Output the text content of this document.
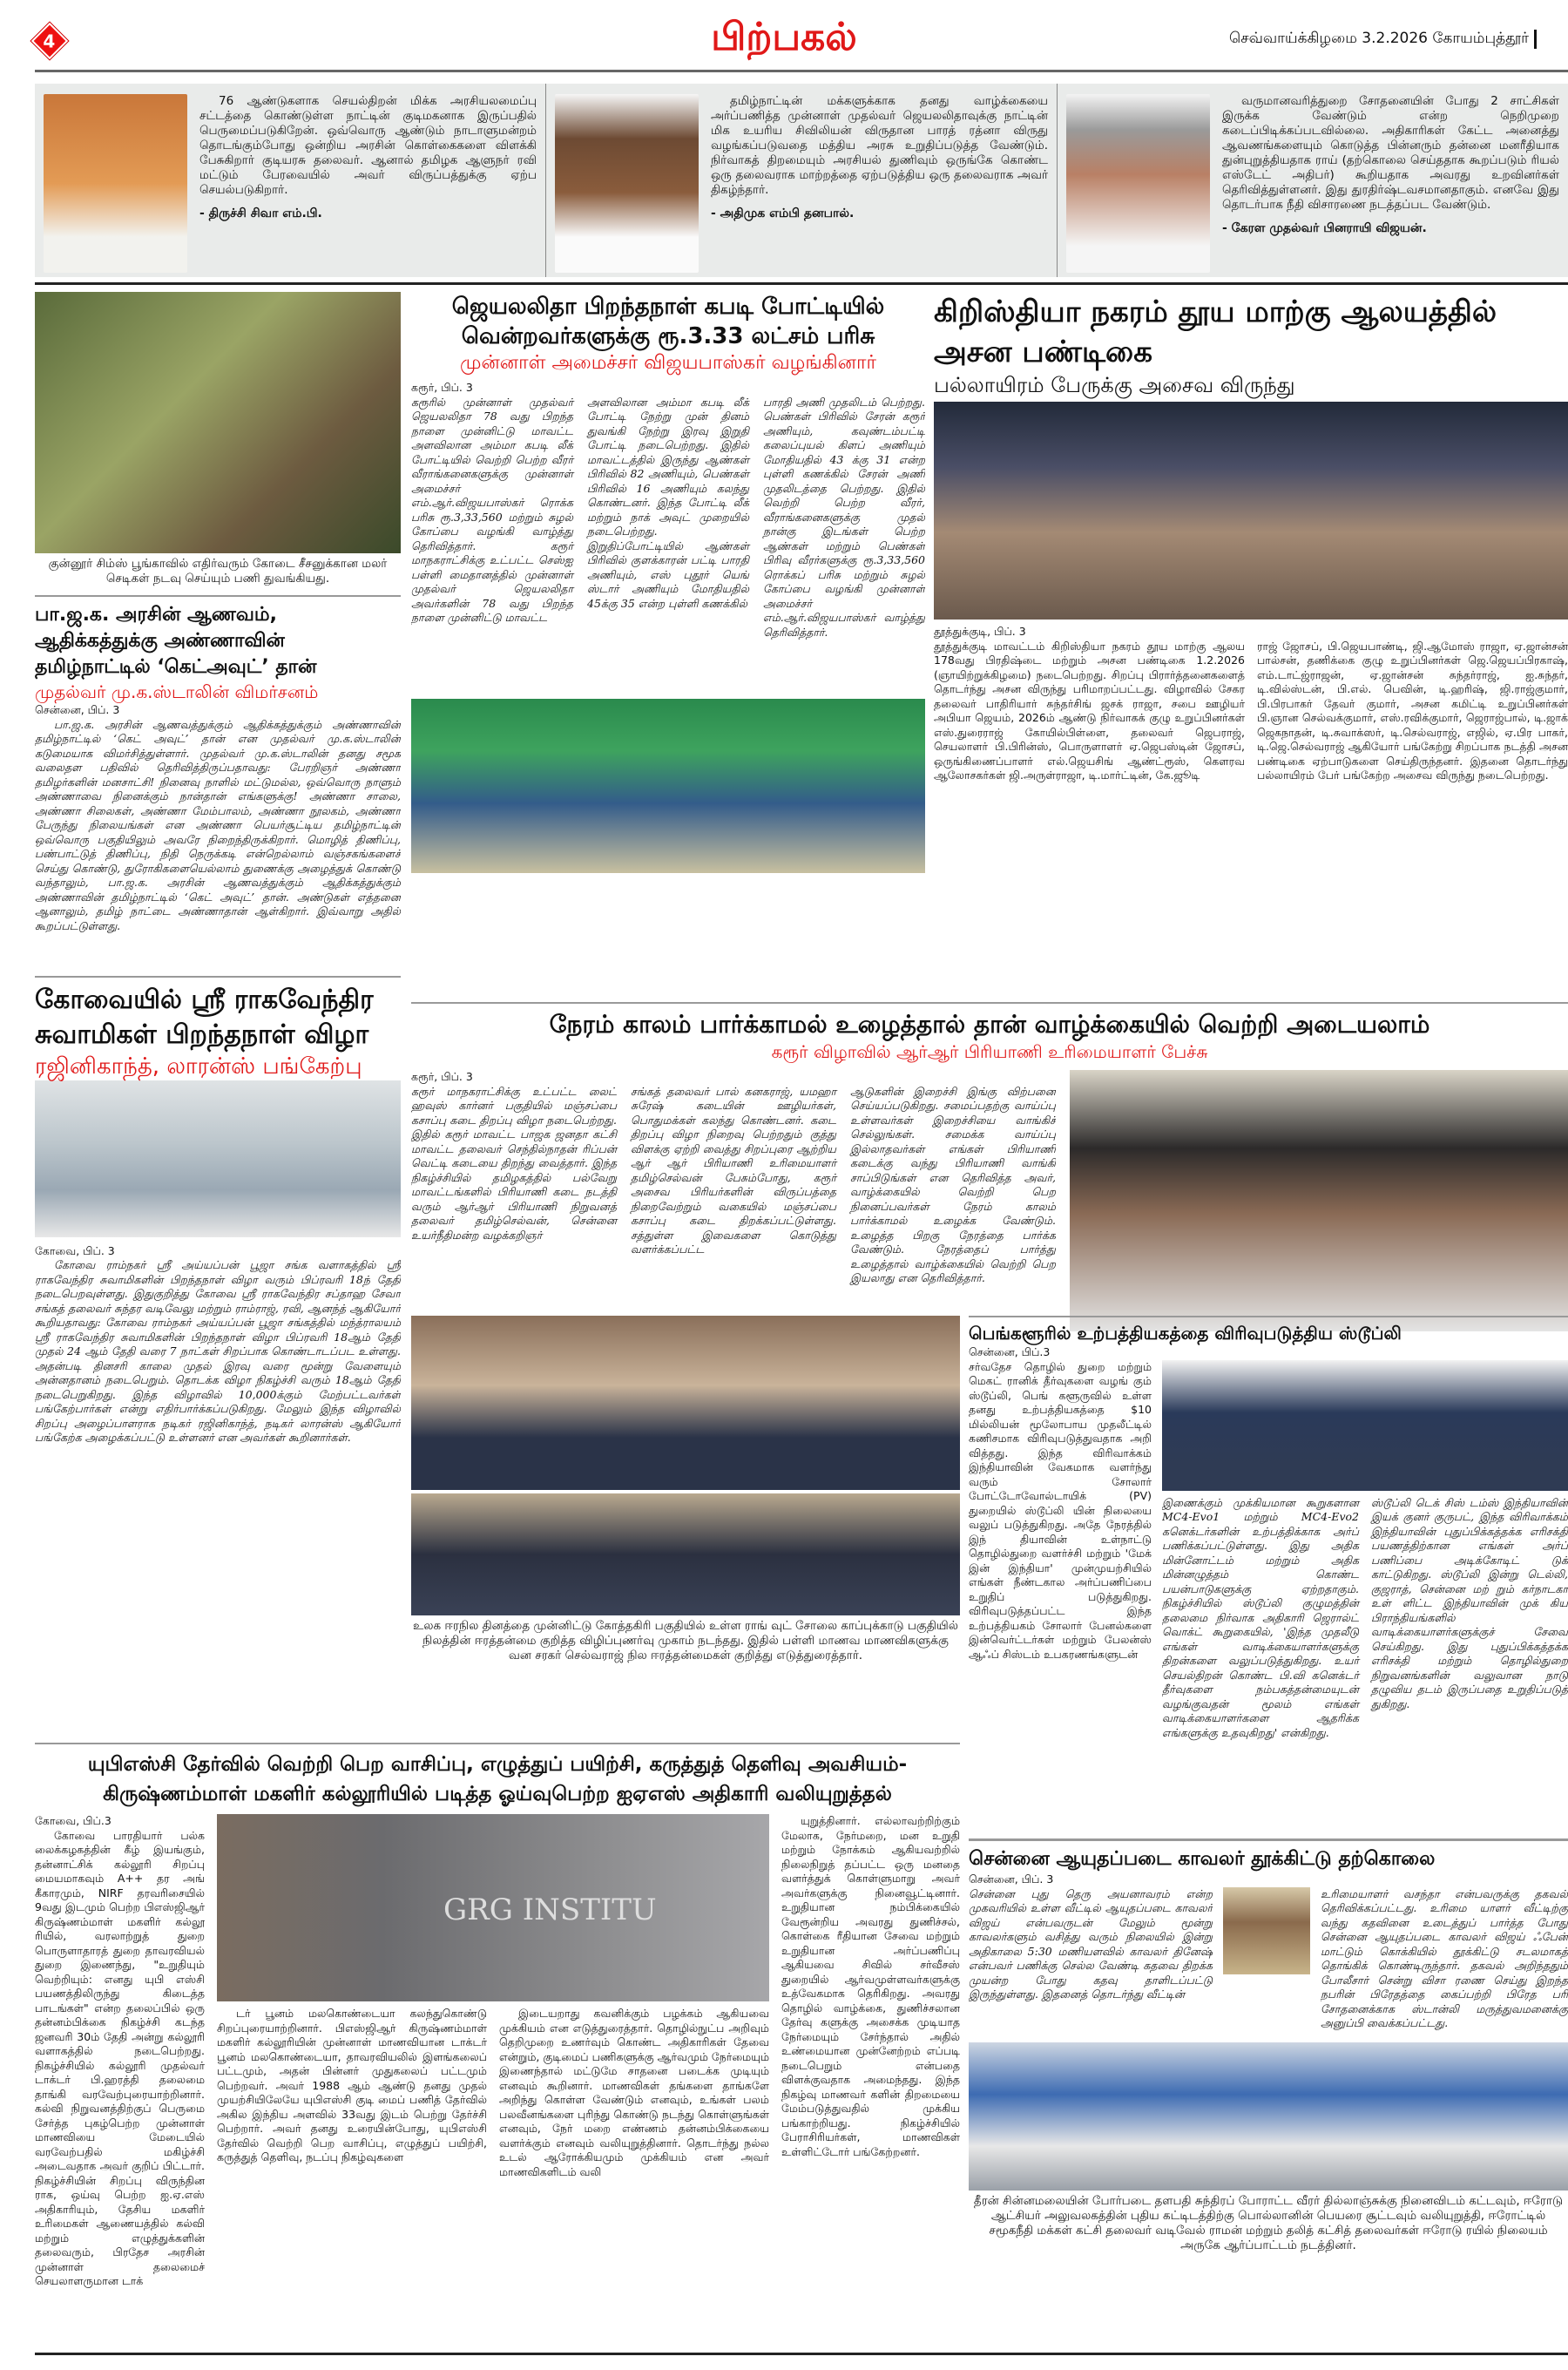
4	பிற்பகல்	செவ்வாய்க்கிழமை 3.2.2026 கோயம்புத்தூர்

76 ஆண்டுகளாக செயல்திறன் மிக்க அரசியலமைப்பு சட்டத்தை கொண்டுள்ள நாட்டின் குடிமகனாக இருப்பதில் பெருமைப்படுகிறேன். ஒவ்வொரு ஆண்டும் நாடாளுமன்றம் தொடங்கும்போது ஒன்றிய அரசின் கொள்கைகளை விளக்கி பேசுகிறார் குடியரசு தலைவர். ஆனால் தமிழக ஆளுநர் ரவி மட்டும் பேரவையில் அவர் விருப்பத்துக்கு ஏற்ப செயல்படுகிறார்.

- திருச்சி சிவா எம்.பி.

தமிழ்நாட்டின் மக்களுக்காக தனது வாழ்க்கையை அர்ப்பணித்த முன்னாள் முதல்வர் ஜெயலலிதாவுக்கு நாட்டின் மிக உயரிய சிவிலியன் விருதான பாரத் ரத்னா விருது வழங்கப்படுவதை மத்திய அரசு உறுதிப்படுத்த வேண்டும். நிர்வாகத் திறமையும் அரசியல் துணிவும் ஒருங்கே கொண்ட ஒரு தலைவராக மாற்றத்தை ஏற்படுத்திய ஒரு தலைவராக அவர் திகழ்ந்தார்.

- அதிமுக எம்பி தனபால்.

வருமானவரித்துறை சோதனையின் போது 2 சாட்சிகள் இருக்க வேண்டும் என்ற நெறிமுறை கடைப்பிடிக்கப்படவில்லை. அதிகாரிகள் கேட்ட அனைத்து ஆவணங்களையும் கொடுத்த பின்னரும் தன்னை மனரீதியாக துன்புறுத்தியதாக ராய் (தற்கொலை செய்ததாக கூறப்படும் ரியல் எஸ்டேட் அதிபர்) கூறியதாக அவரது உறவினர்கள் தெரிவித்துள்ளனர். இது துரதிர்ஷ்டவசமானதாகும். எனவே இது தொடர்பாக நீதி விசாரணை நடத்தப்பட வேண்டும்.

- கேரள முதல்வர் பினராயி விஜயன்.

குன்னூர் சிம்ஸ் பூங்காவில் எதிர்வரும் கோடை சீசனுக்கான மலர் செடிகள் நடவு செய்யும் பணி துவங்கியது.

பா.ஜ.க. அரசின் ஆணவம், ஆதிக்கத்துக்கு அண்ணாவின் தமிழ்நாட்டில் ‘கெட்அவுட்’ தான்
முதல்வர் மு.க.ஸ்டாலின் விமர்சனம்

சென்னை, பிப். 3

பா.ஜ.க. அரசின் ஆணவத்துக்கும் ஆதிக்கத்துக்கும் அண்ணாவின் தமிழ்நாட்டில் ‘கெட் அவுட்’ தான் என முதல்வர் மு.க.ஸ்டாலின் கடுமையாக விமர்சித்துள்ளார். முதல்வர் மு.க.ஸ்டாலின் தனது சமூக வலைதள பதிவில் தெரிவித்திருப்பதாவது: பேரறிஞர் அண்ணா தமிழர்களின் மனசாட்சி! நினைவு நாளில் மட்டுமல்ல, ஒவ்வொரு நாளும் அண்ணாவை நினைக்கும் நான்தான் எங்களுக்கு! அண்ணா சாலை, அண்ணா சிலைகள், அண்ணா மேம்பாலம், அண்ணா நூலகம், அண்ணா பேருந்து நிலையங்கள் என அண்ணா பெயர்சூட்டிய தமிழ்நாட்டின் ஒவ்வொரு பகுதியிலும் அவரே நிறைந்திருக்கிறார். மொழித் திணிப்பு, பண்பாட்டுத் திணிப்பு, நிதி நெருக்கடி என்றெல்லாம் வஞ்சகங்களைச் செய்து கொண்டு, துரோகிகளையெல்லாம் துணைக்கு அழைத்துக் கொண்டு வந்தாலும், பா.ஜ.க. அரசின் ஆணவத்துக்கும் ஆதிக்கத்துக்கும் அண்ணாவின் தமிழ்நாட்டில் ‘கெட் அவுட்’ தான். அண்டுகள் எத்தனை ஆனாலும், தமிழ் நாட்டை அண்ணாதான் ஆள்கிறார். இவ்வாறு அதில் கூறப்பட்டுள்ளது.

கோவையில் ஸ்ரீ ராகவேந்திர சுவாமிகள் பிறந்தநாள் விழா
ரஜினிகாந்த், லாரன்ஸ் பங்கேற்பு

கோவை, பிப். 3

கோவை ராம்நகர் ஸ்ரீ அய்யப்பன் பூஜா சங்க வளாகத்தில் ஸ்ரீ ராகவேந்திர சுவாமிகளின் பிறந்தநாள் விழா வரும் பிப்ரவரி 18ந் தேதி நடைபெறவுள்ளது. இதுகுறித்து கோவை ஸ்ரீ ராகவேந்திர சப்தாஹ சேவா சங்கத் தலைவர் சுந்தர வடிவேலு மற்றும் ராம்ராஜ், ரவி, ஆனந்த் ஆகியோர் கூறியதாவது: கோவை ராம்நகர் அய்யப்பன் பூஜா சங்கத்தில் மந்த்ராலயம் ஸ்ரீ ராகவேந்திர சுவாமிகளின் பிறந்தநாள் விழா பிப்ரவரி 18ஆம் தேதி முதல் 24 ஆம் தேதி வரை 7 நாட்கள் சிறப்பாக கொண்டாடப்பட உள்ளது. அதன்படி தினசரி காலை முதல் இரவு வரை மூன்று வேளையும் அன்னதானம் நடைபெறும். தொடக்க விழா நிகழ்ச்சி வரும் 18ஆம் தேதி நடைபெறுகிறது. இந்த விழாவில் 10,000க்கும் மேற்பட்டவர்கள் பங்கேற்பார்கள் என்று எதிர்பார்க்கப்படுகிறது. மேலும் இந்த விழாவில் சிறப்பு அழைப்பாளராக நடிகர் ரஜினிகாந்த், நடிகர் லாரன்ஸ் ஆகியோர் பங்கேற்க அழைக்கப்பட்டு உள்ளனர் என அவர்கள் கூறினார்கள்.

ஜெயலலிதா பிறந்தநாள் கபடி போட்டியில் வென்றவர்களுக்கு ரூ.3.33 லட்சம் பரிசு
முன்னாள் அமைச்சர் விஜயபாஸ்கர் வழங்கினார்

கரூர், பிப். 3

கரூரில் முன்னாள் முதல்வர் ஜெயலலிதா 78 வது பிறந்த நாளை முன்னிட்டு மாவட்ட அளவிலான அம்மா கபடி லீக் போட்டியில் வெற்றி பெற்ற வீரர் வீராங்கனைகளுக்கு முன்னாள் அமைச்சர் எம்.ஆர்.விஜயபாஸ்கர் ரொக்க பரிசு ரூ.3,33,560 மற்றும் சுழல் கோப்பை வழங்கி வாழ்த்து தெரிவித்தார். கரூர் மாநகராட்சிக்கு உட்பட்ட செஸ்ஐ பள்ளி மைதானத்தில் முன்னாள் முதல்வர் ஜெயலலிதா அவர்களின் 78 வது பிறந்த நாளை முன்னிட்டு மாவட்ட
அளவிலான அம்மா கபடி லீக் போட்டி நேற்று முன் தினம் துவங்கி நேற்று இரவு இறுதி போட்டி நடைபெற்றது. இதில் மாவட்டத்தில் இருந்து ஆண்கள் பிரிவில் 82 அணியும், பெண்கள் பிரிவில் 16 அணியும் கலந்து கொண்டனர். இந்த போட்டி லீக் மற்றும் நாக் அவுட் முறையில் நடைபெற்றது. இறுதிப்போட்டியில் ஆண்கள் பிரிவில் குளக்காரன் பட்டி பாரதி அணியும், எஸ் புதூர் யெங் ஸ்டார் அணியும் மோதியதில் 45க்கு 35 என்ற புள்ளி கணக்கில்
பாரதி அணி முதலிடம் பெற்றது. பெண்கள் பிரிவில் சேரன் கரூர் அணியும், கவுண்டம்பட்டி கலைப்புயல் கிளப் அணியும் மோதியதில் 43 க்கு 31 என்ற புள்ளி கணக்கில் சேரன் அணி முதலிடத்தை பெற்றது. இதில் வெற்றி பெற்ற வீரர், வீராங்கனைகளுக்கு முதல் நான்கு இடங்கள் பெற்ற ஆண்கள் மற்றும் பெண்கள் பிரிவு வீரர்களுக்கு ரூ.3,33,560 ரொக்கப் பரிசு மற்றும் சுழல் கோப்பை வழங்கி முன்னாள் அமைச்சர் எம்.ஆர்.விஜயபாஸ்கர் வாழ்த்து தெரிவித்தார்.
கிறிஸ்தியா நகரம் தூய மாற்கு ஆலயத்தில் அசன பண்டிகை
பல்லாயிரம் பேருக்கு அசைவ விருந்து

தூத்துக்குடி, பிப். 3

தூத்துக்குடி மாவட்டம் கிறிஸ்தியா நகரம் தூய மாற்கு ஆலய 178வது பிரதிஷ்டை மற்றும் அசன பண்டிகை 1.2.2026 (ஞாயிற்றுக்கிழமை) நடைபெற்றது. சிறப்பு பிரார்த்தனைகளைத் தொடர்ந்து அசன விருந்து பரிமாறப்பட்டது. விழாவில் சேகர தலைவர் பாதிரியார் சுந்தர்சிங் ஜசக் ராஜா, சபை ஊழியர் அபியா ஜெயம், 2026ம் ஆண்டு நிர்வாகக் குழு உறுப்பினர்கள் எஸ்.துரைராஜ் கோயில்பிள்ளை, தலைவர் ஜெபராஜ், செயலாளர் பி.பிரின்ஸ், பொருளாளர் ஏ.ஜெபஸ்டின் ஜோசப், ஒருங்கிணைப்பாளர் எல்.ஜெயசிங் ஆண்ட்ரூஸ், கௌரவ ஆலோசகர்கள் ஜி.அருள்ராஜா, டி.மார்ட்டின், கே.ஜூடி
ராஜ் ஜோசப், பி.ஜெயபாண்டி, ஜி.ஆமோஸ் ராஜா, ஏ.ஜான்சன் பால்சன், தணிக்கை குழு உறுப்பினர்கள் ஜெ.ஜெயப்பிரகாஷ், எம்.டாட்ஜ்ராஜன், ஏ.ஜான்சன் சுந்தர்ராஜ், ஐ.சுந்தர், டி.வில்ஸ்டன், பி.எல். பெவின், டி.ஹரிஷ், ஜி.ராஜ்குமார், பி.பிரபாகர் தேவர் குமார், அசன கமிட்டி உறுப்பினர்கள் பி.ஞான செல்வக்குமார், எஸ்.ரவிக்குமார், ஜெராஜ்பால், டி.ஜாக் ஜெகநாதன், டி.சுவாக்ஸர், டி.செல்வராஜ், எஜில், ஏ.பிர பாகர், டி.ஜெ.செல்வராஜ் ஆகியோர் பங்கேற்று சிறப்பாக நடத்தி அசன பண்டிகை ஏற்பாடுகளை செய்திருந்தனர். இதனை தொடர்ந்து பல்லாயிரம் பேர் பங்கேற்ற அசைவ விருந்து நடைபெற்றது.
நேரம் காலம் பார்க்காமல் உழைத்தால் தான் வாழ்க்கையில் வெற்றி அடையலாம்
கரூர் விழாவில் ஆர்ஆர் பிரியாணி உரிமையாளர் பேச்சு

கரூர், பிப். 3

கரூர் மாநகராட்சிக்கு உட்பட்ட லைட் ஹவுஸ் கார்னர் பகுதியில் மஞ்சப்பை கசாப்பு கடை திறப்பு விழா நடைபெற்றது. இதில் கரூர் மாவட்ட பாஜக ஜனதா கட்சி மாவட்ட தலைவர் செந்தில்நாதன் ரிப்பன் வெட்டி கடையை திறந்து வைத்தார். இந்த நிகழ்ச்சியில் தமிழகத்தில் பல்வேறு மாவட்டங்களில் பிரியாணி கடை நடத்தி வரும் ஆர்ஆர் பிரியாணி நிறுவனத் தலைவர் தமிழ்செல்வன், சென்னை உயர்நீதிமன்ற வழக்கறிஞர்
சங்கத் தலைவர் பால் கனகராஜ், யமஹா சுரேஷ் கடையின் ஊழியர்கள், பொதுமக்கள் கலந்து கொண்டனர். கடை திறப்பு விழா நிறைவு பெற்றதும் குத்து விளக்கு ஏற்றி வைத்து சிறப்புரை ஆற்றிய ஆர் ஆர் பிரியாணி உரிமையாளர் தமிழ்செல்வன் பேசும்போது, கரூர் அசைவ பிரியர்களின் விருப்பத்தை நிறைவேற்றும் வகையில் மஞ்சப்பை கசாப்பு கடை திறக்கப்பட்டுள்ளது. சத்துள்ள இவைகளை கொடுத்து வளர்க்கப்பட்ட
ஆடுகளின் இறைச்சி இங்கு விற்பனை செய்யப்படுகிறது. சமைப்பதற்கு வாய்ப்பு உள்ளவர்கள் இறைச்சியை வாங்கிச் செல்லுங்கள். சமைக்க வாய்ப்பு இல்லாதவர்கள் எங்கள் பிரியாணி கடைக்கு வந்து பிரியாணி வாங்கி சாப்பிடுங்கள் என தெரிவித்த அவர், வாழ்க்கையில் வெற்றி பெற நினைப்பவர்கள் நேரம் காலம் பார்க்காமல் உழைக்க வேண்டும். உழைத்த பிறகு நேரத்தை பார்க்க வேண்டும். நேரத்தைப் பார்த்து உழைத்தால் வாழ்க்கையில் வெற்றி பெற இயலாது என தெரிவித்தார்.

உலக ஈரநில தினத்தை முன்னிட்டு கோத்தகிரி பகுதியில் உள்ள ராங் வுட் சோலை காப்புக்காடு பகுதியில் நிலத்தின் ஈரத்தன்மை குறித்த விழிப்புணர்வு முகாம் நடந்தது. இதில் பள்ளி மாணவ மாணவிகளுக்கு வன சரகர் செல்வராஜ் நில ஈரத்தன்மைகள் குறித்து எடுத்துரைத்தார்.

பெங்களூரில் உற்பத்தியகத்தை விரிவுபடுத்திய ஸ்டூப்லி

சென்னை, பிப்.3

சர்வதேச தொழில் துறை மற்றும் மெகட் ரானிக் தீர்வுகளை வழங் கும் ஸ்டூப்லி, பெங் களூருவில் உள்ள தனது உற்பத்தியகத்தை $10 மில்லியன் மூலோபாய முதலீட்டில் கணிசமாக விரிவுபடுத்துவதாக அறி வித்தது. இந்த விரிவாக்கம் இந்தியாவின் வேகமாக வளர்ந்து வரும் சோலார் போட்டோவோல்டாயிக் (PV) துறையில் ஸ்டூப்லி யின் நிலையை வலுப் படுத்துகிறது. அதே நேரத்தில் இந் தியாவின் உள்நாட்டு தொழில்துறை வளர்ச்சி மற்றும் 'மேக் இன் இந்தியா' முன்முயற்சியில் எங்கள் நீண்டகால அர்ப்பணிப்பை உறுதிப் படுத்துகிறது. விரிவுபடுத்தப்பட்ட இந்த உற்பத்தியகம் சோலார் பேனல்களை இன்வெர்ட்டர்கள் மற்றும் பேலன்ஸ் ஆஃப் சிஸ்டம் உபகரணங்களுடன்
இணைக்கும் முக்கியமான கூறுகளான MC4-Evo1 மற்றும் MC4-Evo2 கனெக்டர்களின் உற்பத்திக்காக அர்ப் பணிக்கப்பட்டுள்ளது. இது அதிக மின்னோட்டம் மற்றும் அதிக மின்னழுத்தம் கொண்ட பயன்பாடுகளுக்கு ஏற்றதாகும். நிகழ்ச்சியில் ஸ்டூப்லி குழுமத்தின் தலைமை நிர்வாக அதிகாரி ஜெரால்ட் வொக்ட் கூறுகையில், 'இந்த முதலீடு எங்கள் வாடிக்கையாளர்களுக்கு திறன்களை வலுப்படுத்துகிறது. உயர் செயல்திறன் கொண்ட பி.வி கனெக்டர் தீர்வுகளை நம்பகத்தன்மையுடன் வழங்குவதன் மூலம் எங்கள் வாடிக்கையாளர்களை ஆதரிக்க எங்களுக்கு உதவுகிறது' என்கிறது.
ஸ்டூப்லி டெக் சிஸ் டம்ஸ் இந்தியாவின் இயக் குனர் குருபட், இந்த விரிவாக்கம் இந்தியாவின் புதுப்பிக்கத்தக்க எரிசக்தி பயணத்திற்கான எங்கள் அர்ப் பணிப்பை அடிக்கோடிட் டுக் காட்டுகிறது. ஸ்டூப்லி இன்று டெல்லி, குஜராத், சென்னை மற் றும் கர்நாடகா உள் ளிட்ட இந்தியாவின் முக் கிய பிராந்தியங்களில் வாடிக்கையாளர்களுக்குச் சேவை செய்கிறது. இது புதுப்பிக்கத்தக்க எரிசக்தி மற்றும் தொழில்துறை நிறுவனங்களின் வலுவான நாடு தழுவிய தடம் இருப்பதை உறுதிப்படுத் துகிறது.
யுபிஎஸ்சி தேர்வில் வெற்றி பெற வாசிப்பு, எழுத்துப் பயிற்சி, கருத்துத் தெளிவு அவசியம்- கிருஷ்ணம்மாள் மகளிர் கல்லூரியில் படித்த ஓய்வுபெற்ற ஐஏஎஸ் அதிகாரி வலியுறுத்தல்

கோவை, பிப்.3

கோவை பாரதியார் பல்க லைக்கழகத்தின் கீழ் இயங்கும், தன்னாட்சிக் கல்லூரி சிறப்பு மையமாகவும் A++ தர அங் கீகாரமும், NIRF தரவரிசையில் 9வது இடமும் பெற்ற பிஎஸ்ஜிஆர் கிருஷ்ணம்மாள் மகளிர் கல்லூ ரியில், வரலாற்றுத் துறை பொருளாதாரத் துறை தாவரவியல் துறை இணைந்து, "உறுதியும் வெற்றியும்: எனது யுபி எஸ்சி பயணத்திலிருந்து கிடைத்த பாடங்கள்" என்ற தலைப்பில் ஒரு தன்னம்பிக்கை நிகழ்ச்சி கடந்த ஜனவரி 30ம் தேதி அன்று கல்லூரி வளாகத்தில் நடைபெற்றது. நிகழ்ச்சியில் கல்லூரி முதல்வர் டாக்டர் பி.ஹரத்தி தலைமை தாங்கி வரவேற்புரையாற்றினார். கல்வி நிறுவனத்திற்குப் பெருமை சேர்த்த புகழ்பெற்ற முன்னாள் மாணவியை மேடையில் வரவேற்பதில் மகிழ்ச்சி அடைவதாக அவர் குறிப் பிட்டார். நிகழ்ச்சியின் சிறப்பு விருந்தின ராக, ஒய்வு பெற்ற ஐ.ஏ.எஸ் அதிகாரியும், தேசிய மகளிர் உரிமைகள் ஆணையத்தில் கல்வி மற்றும் எழுத்துக்களின் தலைவரும், பிரதேச அரசின் முன்னாள் தலைமைச் செயலாளருமான டாக்
GRG INSTITU
டர் பூனம் மலகொண்டையா கலந்துகொண்டு சிறப்புரையாற்றினார். பிஎஸ்ஜிஆர் கிருஷ்ணம்மாள் மகளிர் கல்லூரியின் முன்னாள் மாணவியான டாக்டர் பூனம் மலகொண்டையா, தாவரவியலில் இளங்கலைப் பட்டமும், அதன் பின்னர் முதுகலைப் பட்டமும் பெற்றவர். அவர் 1988 ஆம் ஆண்டு தனது முதல் முயற்சியிலேயே யுபிஎஸ்சி குடி மைப் பணித் தேர்வில் அகில இந்திய அளவில் 33வது இடம் பெற்று தேர்ச்சி பெற்றார். அவர் தனது உரையின்போது, யுபிஎஸ்சி தேர்வில் வெற்றி பெற வாசிப்பு, எழுத்துப் பயிற்சி, கருத்துத் தெளிவு, நடப்பு நிகழ்வுகளை
இடையறாது கவனிக்கும் பழக்கம் ஆகியவை முக்கியம் என எடுத்துரைத்தார். தொழில்நுட்ப அறிவும் தெறிமுறை உணர்வும் கொண்ட அதிகாரிகள் தேவை என்றும், குடிமைப் பணிகளுக்கு ஆர்வமும் நேர்மையும் இணைந்தால் மட்டுமே சாதனை படைக்க முடியும் எனவும் கூறினார். மாணவிகள் தங்களை தாங்களே அறிந்து கொள்ள வேண்டும் எனவும், உங்கள் பலம் பலவீனங்களை புரிந்து கொண்டு நடந்து கொள்ளுங்கள் எனவும், நேர் மறை எண்ணம் தன்னம்பிக்கையை வளர்க்கும் எனவும் வலியுறுத்தினார். தொடர்ந்து நல்ல உடல் ஆரோக்கியமும் முக்கியம் என அவர் மாணவிகளிடம் வலி
யுறுத்தினார். எல்லாவற்றிற்கும் மேலாக, நேர்மறை, மன உறுதி மற்றும் நோக்கம் ஆகியவற்றில் நிலைநிறுத் தப்பட்ட ஒரு மனதை வளர்த்துக் கொள்ளுமாறு அவர் அவர்களுக்கு நினைவூட்டினார். உறுதியான நம்பிக்கையில் வேரூன்றிய அவரது துணிச்சல், கொள்கை ரீதியான சேவை மற்றும் உறுதியான அர்ப்பணிப்பு ஆகியவை சிவில் சர்வீசஸ் துறையில் ஆர்வமுள்ளவர்களுக்கு உத்வேகமாக தெரிகிறது. அவரது தொழில் வாழ்க்கை, துணிச்சலான தேர்வு களுக்கு அசைக்க முடியாத நேர்மையும் சேர்ந்தால் அதில் உண்மையான முன்னேற்றம் எப்படி நடைபெறும் என்பதை விளக்குவதாக அமைந்தது. இந்த நிகழ்வு மாணவர் களின் திறமையை மேம்படுத்துவதில் முக்கிய பங்காற்றியது. நிகழ்ச்சியில் பேராசிரியர்கள், மாணவிகள் உள்ளிட்டோர் பங்கேற்றனர்.
சென்னை ஆயுதப்படை காவலர் தூக்கிட்டு தற்கொலை

சென்னை, பிப். 3

சென்னை புது தெரு அயனாவரம் என்ற முகவரியில் உள்ள வீட்டில் ஆயுதப்படை காவலர் விஜய் என்பவருடன் மேலும் மூன்று காவலர்களும் வசித்து வரும் நிலையில் இன்று அதிகாலை 5:30 மணியளவில் காவலர் தினேஷ் என்பவர் பணிக்கு செல்ல வேண்டி கதவை திறக்க முயன்ற போது கதவு தாளிடப்பட்டு இருந்துள்ளது. இதனைத் தொடர்ந்து வீட்டின்
உரிமையாளர் வசந்தா என்பவருக்கு தகவல் தெரிவிக்கப்பட்டது. உரிமை யாளர் வீட்டிற்கு வந்து கதவினை உடைத்துப் பார்த்த போது சென்னை ஆயுதப்படை காவலர் விஜய் ஃபேன் மாட்டும் கொக்கியில் தூக்கிட்டு சடலமாகத் தொங்கிக் கொண்டிருந்தார். தகவல் அறிந்ததும் போலீசார் சென்று விசா ரணை செய்து இறந்த நபரின் பிரேதத்தை கைப்பற்றி பிரேத பரி சோதனைக்காக ஸ்டான்லி மருத்துவமனைக்கு அனுப்பி வைக்கப்பட்டது.

தீரன் சின்னமலையின் போர்படை தளபதி சுந்திரப் போராட்ட வீரர் தில்லாஞ்சுக்கு நினைவிடம் கட்டவும், ஈரோடு ஆட்சியர் அலுவலகத்தின் புதிய கட்டிடத்திற்கு பொல்லானின் பெயரை சூட்டவும் வலியுறுத்தி, ஈரோட்டில் சமூகநீதி மக்கள் கட்சி தலைவர் வடிவேல் ராமன் மற்றும் தலித் கட்சித் தலைவர்கள் ஈரோடு ரயில் நிலையம் அருகே ஆர்ப்பாட்டம் நடத்தினர்.
